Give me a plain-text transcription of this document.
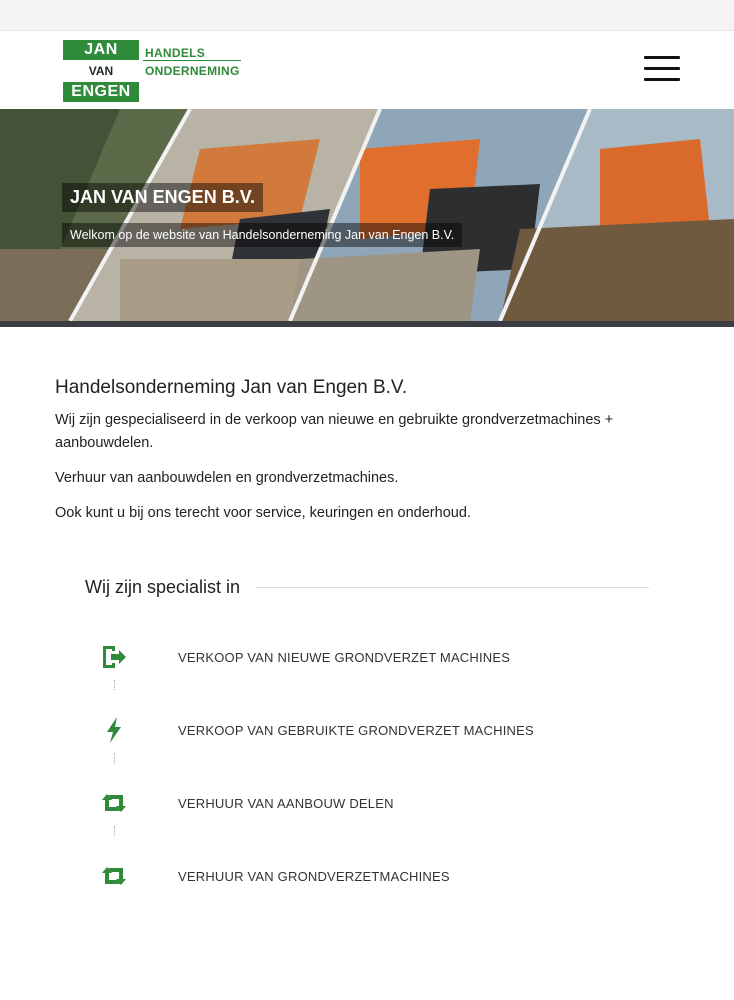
JAN
VAN
ENGEN
HANDELS
ONDERNEMING
JAN VAN ENGEN B.V.
Welkom op de website van Handelsonderneming Jan van Engen B.V.
Handelsonderneming Jan van Engen B.V.

Wij zijn gespecialiseerd in de verkoop van nieuwe en gebruikte grondverzetmachines + aanbouwdelen.

Verhuur van aanbouwdelen en grondverzetmachines.

Ook kunt u bij ons terecht voor service, keuringen en onderhoud.

Wij zijn specialist in
VERKOOP VAN NIEUWE GRONDVERZET MACHINES
VERKOOP VAN GEBRUIKTE GRONDVERZET MACHINES
VERHUUR VAN AANBOUW DELEN
VERHUUR VAN GRONDVERZETMACHINES
